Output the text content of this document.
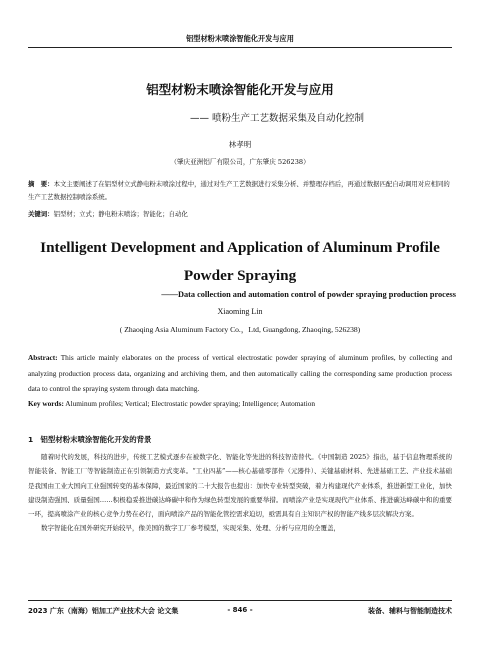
铝型材粉末喷涂智能化开发与应用
铝型材粉末喷涂智能化开发与应用
—— 喷粉生产工艺数据采集及自动化控制
林孝明
（肇庆亚洲铝厂有限公司，广东肇庆 526238）
摘　要：本文主要阐述了在铝型材立式静电粉末喷涂过程中，通过对生产工艺数据进行采集分析、并整理存档后，再通过数据匹配自动调用对应相同的生产工艺数据控制喷涂系统。
关键词：铝型材；立式；静电粉末喷涂；智能化；自动化
Intelligent Development and Application of Aluminum Profile Powder Spraying
——Data collection and automation control of powder spraying production process
Xiaoming Lin
( Zhaoqing Asia Aluminum Factory Co.，Ltd, Guangdong, Zhaoqing, 526238)
Abstract: This article mainly elaborates on the process of vertical electrostatic powder spraying of aluminum profiles, by collecting and analyzing production process data, organizing and archiving them, and then automatically calling the corresponding same production process data to control the spraying system through data matching.
Key words: Aluminum profiles; Vertical; Electrostatic powder spraying; Intelligence; Automation
1　铝型材粉末喷涂智能化开发的背景

随着时代的发展，科技的进步，传统工艺模式逐步在被数字化、智能化等先进的科技智造替代。《中国制造 2025》指出，基于信息物理系统的智能装备、智能工厂等智能制造正在引领制造方式变革。“工业四基”——核心基础零部件（元器件）、关键基础材料、先进基础工艺、产业技术基础是我国由工业大国向工业强国转变的基本保障，最近国家的二十大报告也提出：加快专业转型突破，着力构建现代产业体系，推进新型工业化，加快建设制造强国、质量强国……积极稳妥推进碳达峰碳中和作为绿色转型发展的重要举措。而喷涂产业是实现现代产业体系、推进碳达峰碳中和的重要一环，提高喷涂产业的核心竞争力势在必行，面向喷涂产品的智能化管控需求迫切，亟需具有自主知识产权的智能产线多层次解决方案。

数字智能化在国外研究开始较早，像美国的数字工厂参考模型，实现采集、处理、分析与应用的全覆盖，

2023 广东（南海）铝加工产业技术大会 论文集	- 846 -	装备、辅料与智能制造技术
